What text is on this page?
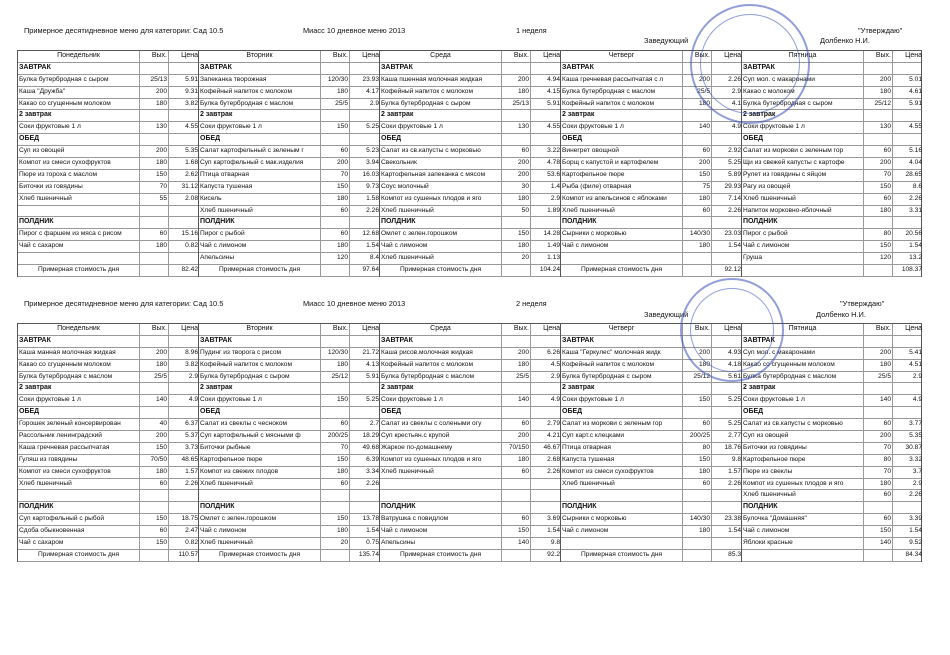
Примерное десятидневное меню для категории: Сад 10.5	Миасс 10 дневное меню 2013	1 неделя	"Утверждаю"
Заведующий	Долбенко Н.И.
Понедельник	Вых.	Цена
ЗАВТРАК
Булка бутербродная с сыром	25/13	5.91
Каша "Дружба"	200	9.31
Какао со сгущенным молоком	180	3.82
2 завтрак
Соки фруктовые 1 л	130	4.55
ОБЕД
Суп из овощей	200	5.35
Компот из смеси сухофруктов	180	1.68
Пюре из гороха с маслом	150	2.62
Биточки из говядины	70	31.12
Хлеб пшеничный	55	2.08
ПОЛДНИК
Пирог с фаршем из мяса с рисом	60	15.16
Чай с сахаром	180	0.82
Примерная стоимость дня	82.42
Вторник	Вых.	Цена
ЗАВТРАК
Запеканка творожная	120/30	23.93
Кофейный напиток с молоком	180	4.17
Булка бутербродная с маслом	25/5	2.9
2 завтрак
Соки фруктовые 1 л	150	5.25
ОБЕД
Салат картофельный с зеленым г	60	5.23
Суп картофельный с мак.изделия	200	3.94
Птица отварная	70	16.03
Капуста тушеная	150	9.73
Кисель	180	1.58
Хлеб пшеничный	60	2.26
ПОЛДНИК
Пирог с рыбой	60	12.68
Чай с лимоном	180	1.54
Апельсины	120	8.4
Примерная стоимость дня	97.64
Среда	Вых.	Цена
ЗАВТРАК
Каша пшенная молочная жидкая	200	4.94
Кофейный напиток с молоком	180	4.15
Булка бутербродная с сыром	25/13	5.91
2 завтрак
Соки фруктовые 1 л	130	4.55
ОБЕД
Салат из св.капусты с морковью	60	3.22
Свекольник	200	4.78
Картофельная запеканка с мясом	200	53.6
Соус молочный	30	1.4
Компот из сушеных плодов и яго	180	2.9
Хлеб пшеничный	50	1.89
ПОЛДНИК
Омлет с зелен.горошком	150	14.28
Чай с лимоном	180	1.49
Хлеб пшеничный	20	1.13
Примерная стоимость дня	104.24
Четверг	Вых.	Цена
ЗАВТРАК
Каша гречневая рассыпчатая с л	200	2.26
Булка бутербродная с маслом	25/5	2.9
Кофейный напиток с молоком	180	4.1
2 завтрак
Соки фруктовые 1 л	140	4.9
ОБЕД
Винегрет овощной	60	2.92
Борщ с капустой и картофелем	200	5.25
Картофельное пюре	150	5.89
Рыба (филе) отварная	75	29.93
Компот из апельсинов с яблоками	180	7.14
Хлеб пшеничный	60	2.26
ПОЛДНИК
Сырники с морковью	140/30	23.03
Чай с лимоном	180	1.54
Примерная стоимость дня	92.12
Пятница	Вых.	Цена
ЗАВТРАК
Суп мол. с макаронами	200	5.01
Какао с молоком	180	4.61
Булка бутербродная с сыром	25/12	5.91
2 завтрак
Соки фруктовые 1 л	130	4.55
ОБЕД
Салат из моркови с зеленым гор	60	5.16
Щи из свежей капусты с картофе	200	4.04
Рулет из говядины с яйцом	70	28.65
Рагу из овощей	150	8.6
Хлеб пшеничный	60	2.26
Напиток морковно-яблочный	180	3.31
ПОЛДНИК
Пирог с рыбой	80	20.56
Чай с лимоном	150	1.54
Груша	120	13.2
108.37
Примерное десятидневное меню для категории: Сад 10.5	Миасс 10 дневное меню 2013	2 неделя	"Утверждаю"
Заведующий	Долбенко Н.И.
Понедельник	Вых.	Цена
ЗАВТРАК
Каша манная молочная жидкая	200	8.96
Какао со сгущенным молоком	180	3.82
Булка бутербродная с маслом	25/5	2.9
2 завтрак
Соки фруктовые 1 л	140	4.9
ОБЕД
Горошек зеленый консервирован	40	6.37
Рассольник ленинградский	200	5.37
Каша гречневая рассыпчатая	150	3.73
Гуляш из говядины	70/50	48.65
Компот из смеси сухофруктов	180	1.57
Хлеб пшеничный	60	2.26
ПОЛДНИК
Суп картофельный с рыбой	150	18.75
Сдоба обыкновенная	60	2.47
Чай с сахаром	150	0.82
Примерная стоимость дня	110.57
Вторник	Вых.	Цена
ЗАВТРАК
Пудинг из творога с рисом	120/30	21.72
Кофейный напиток с молоком	180	4.13
Булка бутербродная с сыром	25/12	5.91
2 завтрак
Соки фруктовые 1 л	150	5.25
ОБЕД
Салат из свеклы с чесноком	60	2.7
Суп картофельный с мясными ф	200/25	18.29
Биточки рыбные	70	49.68
Картофельное пюре	150	6.39
Компот из свежих плодов	180	3.34
Хлеб пшеничный	60	2.26
ПОЛДНИК
Омлет с зелен.горошком	150	13.78
Чай с лимоном	180	1.54
Хлеб пшеничный	20	0.75
Примерная стоимость дня	135.74
Среда	Вых.	Цена
ЗАВТРАК
Каша рисов.молочная жидкая	200	6.26
Кофейный напиток с молоком	180	4.5
Булка бутербродная с маслом	25/5	2.9
2 завтрак
Соки фруктовые 1 л	140	4.9
ОБЕД
Салат из свеклы с солеными огу	60	2.79
Суп крестьян.с крупой	200	4.21
Жаркое по-домашнему	70/150	46.67
Компот из сушеных плодов и яго	180	2.68
Хлеб пшеничный	60	2.26
ПОЛДНИК
Ватрушка с повидлом	60	3.69
Чай с лимоном	150	1.54
Апельсины	140	9.8
Примерная стоимость дня	92.2
Четверг	Вых.	Цена
ЗАВТРАК
Каша "Геркулес" молочная жидк	200	4.93
Кофейный напиток с молоком	180	4.18
Булка бутербродная с сыром	25/12	5.61
2 завтрак
Соки фруктовые 1 л	150	5.25
ОБЕД
Салат из моркови с зеленым гор	60	5.25
Суп карт.с клецками	200/25	2.77
Птица отварная	80	18.76
Капуста тушеная	150	9.8
Компот из смеси сухофруктов	180	1.57
Хлеб пшеничный	60	2.26
ПОЛДНИК
Сырники с морковью	140/30	23.38
Чай с лимоном	180	1.54
Примерная стоимость дня	85.3
Пятница	Вых.	Цена
ЗАВТРАК
Суп мол. с макаронами	200	5.41
Какао со сгущенным молоком	180	4.51
Булка бутербродная с маслом	25/5	2.9
2 завтрак
Соки фруктовые 1 л	140	4.9
ОБЕД
Салат из св.капусты с морковью	60	3.77
Суп из овощей	200	5.35
Биточки из говядины	70	30.87
Картофельное пюре	80	3.32
Пюре из свеклы	70	3.7
Компот из сушеных плодов и яго	180	2.9
Хлеб пшеничный	60	2.26
ПОЛДНИК
Булочка "Домашняя"	60	3.39
Чай с лимоном	150	1.54
Яблоки красные	140	9.52
84.34
